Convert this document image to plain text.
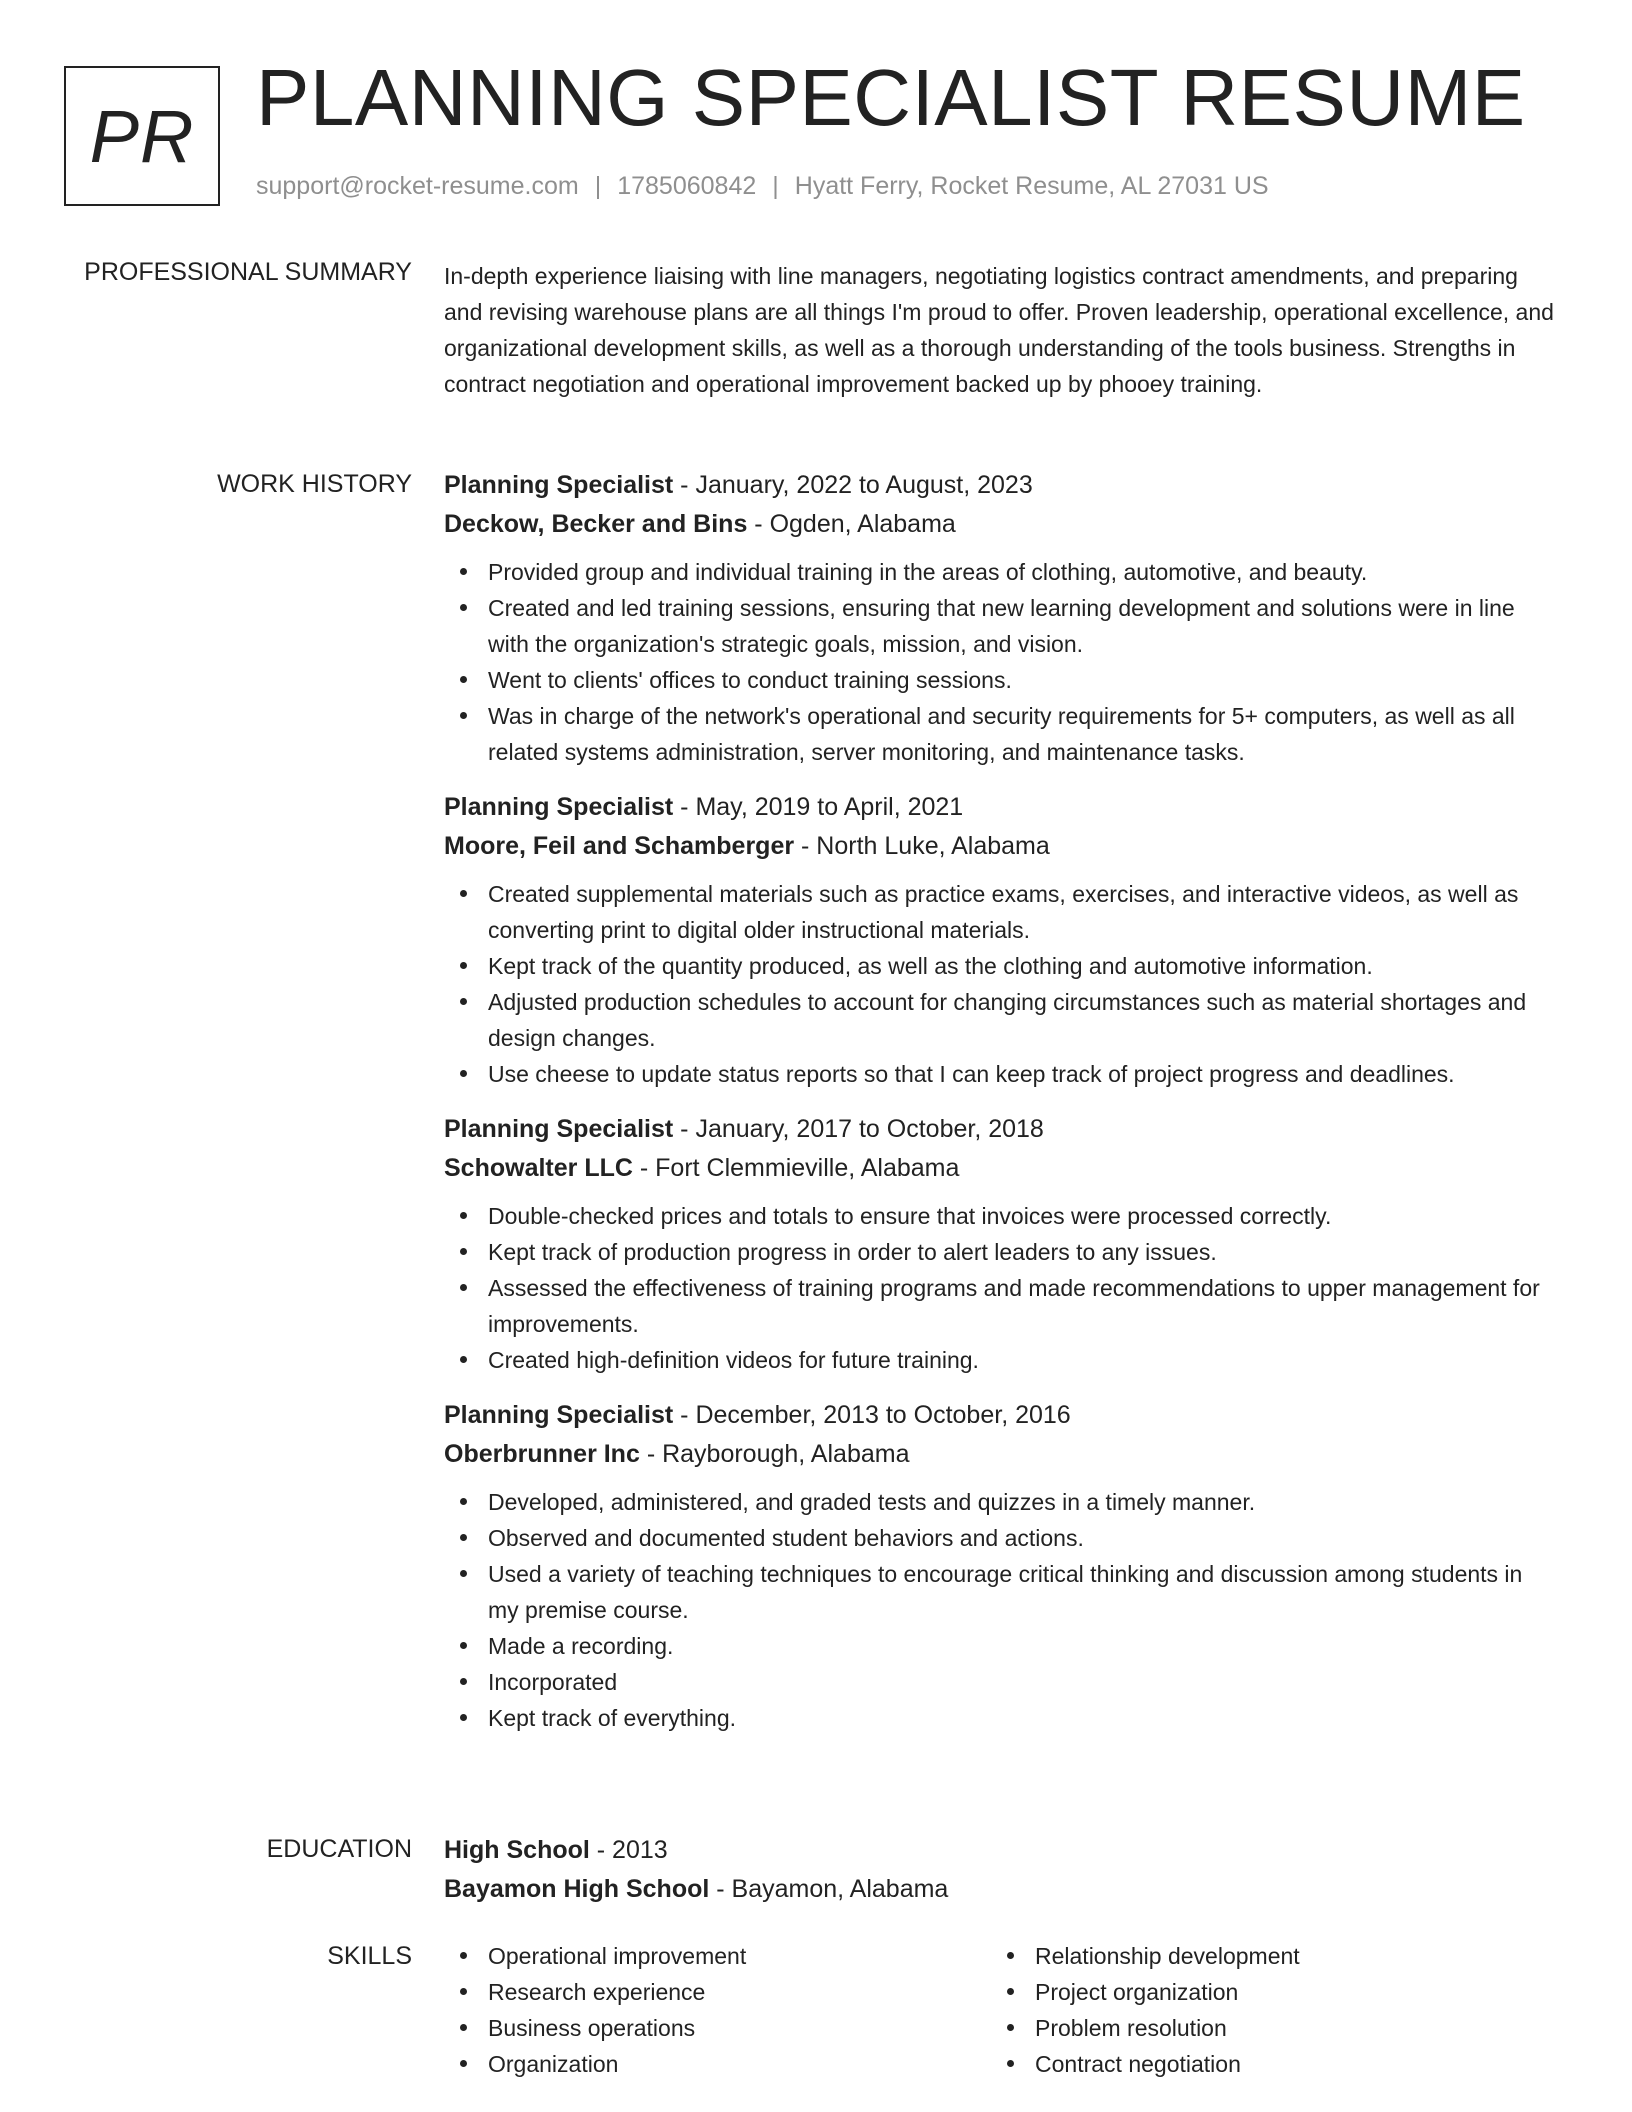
PR PLANNING SPECIALIST RESUME
support@rocket-resume.com | 1785060842 | Hyatt Ferry, Rocket Resume, AL 27031 US
PROFESSIONAL SUMMARY In-depth experience liaising with line managers, negotiating logistics contract amendments, and preparing and revising warehouse plans are all things I'm proud to offer. Proven leadership, operational excellence, and organizational development skills, as well as a thorough understanding of the tools business. Strengths in contract negotiation and operational improvement backed up by phooey training.
WORK HISTORY Planning Specialist - January, 2022 to August, 2023
Deckow, Becker and Bins - Ogden, Alabama
Provided group and individual training in the areas of clothing, automotive, and beauty.
Created and led training sessions, ensuring that new learning development and solutions were in line with the organization's strategic goals, mission, and vision.
Went to clients' offices to conduct training sessions.
Was in charge of the network's operational and security requirements for 5+ computers, as well as all related systems administration, server monitoring, and maintenance tasks.
Planning Specialist - May, 2019 to April, 2021
Moore, Feil and Schamberger - North Luke, Alabama
Created supplemental materials such as practice exams, exercises, and interactive videos, as well as converting print to digital older instructional materials.
Kept track of the quantity produced, as well as the clothing and automotive information.
Adjusted production schedules to account for changing circumstances such as material shortages and design changes.
Use cheese to update status reports so that I can keep track of project progress and deadlines.
Planning Specialist - January, 2017 to October, 2018
Schowalter LLC - Fort Clemmieville, Alabama
Double-checked prices and totals to ensure that invoices were processed correctly.
Kept track of production progress in order to alert leaders to any issues.
Assessed the effectiveness of training programs and made recommendations to upper management for improvements.
Created high-definition videos for future training.
Planning Specialist - December, 2013 to October, 2016
Oberbrunner Inc - Rayborough, Alabama
Developed, administered, and graded tests and quizzes in a timely manner.
Observed and documented student behaviors and actions.
Used a variety of teaching techniques to encourage critical thinking and discussion among students in my premise course.
Made a recording.
Incorporated
Kept track of everything.
EDUCATION High School - 2013
Bayamon High School - Bayamon, Alabama
SKILLS	Operational improvement
Research experience
Business operations
Organization
Relationship development
Project organization
Problem resolution
Contract negotiation
